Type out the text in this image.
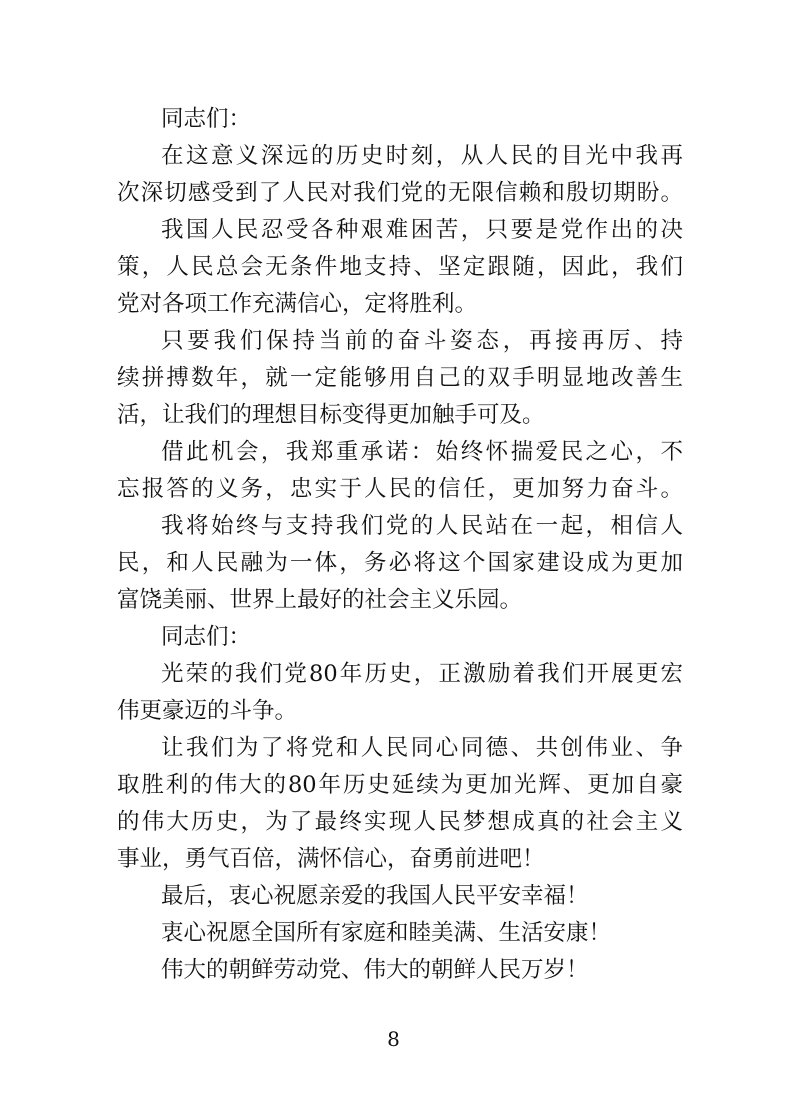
同志们：
在这意义深远的历史时刻，从人民的目光中我再
次深切感受到了人民对我们党的无限信赖和殷切期盼。
我国人民忍受各种艰难困苦，只要是党作出的决
策，人民总会无条件地支持、坚定跟随，因此，我们
党对各项工作充满信心，定将胜利。
只要我们保持当前的奋斗姿态，再接再厉、持
续拼搏数年，就一定能够用自己的双手明显地改善生
活，让我们的理想目标变得更加触手可及。
借此机会，我郑重承诺：始终怀揣爱民之心，不
忘报答的义务，忠实于人民的信任，更加努力奋斗。
我将始终与支持我们党的人民站在一起，相信人
民，和人民融为一体，务必将这个国家建设成为更加
富饶美丽、世界上最好的社会主义乐园。
同志们：
光荣的我们党80年历史，正激励着我们开展更宏
伟更豪迈的斗争。
让我们为了将党和人民同心同德、共创伟业、争
取胜利的伟大的80年历史延续为更加光辉、更加自豪
的伟大历史，为了最终实现人民梦想成真的社会主义
事业，勇气百倍，满怀信心，奋勇前进吧！
最后，衷心祝愿亲爱的我国人民平安幸福！
衷心祝愿全国所有家庭和睦美满、生活安康！
伟大的朝鲜劳动党、伟大的朝鲜人民万岁！
8
